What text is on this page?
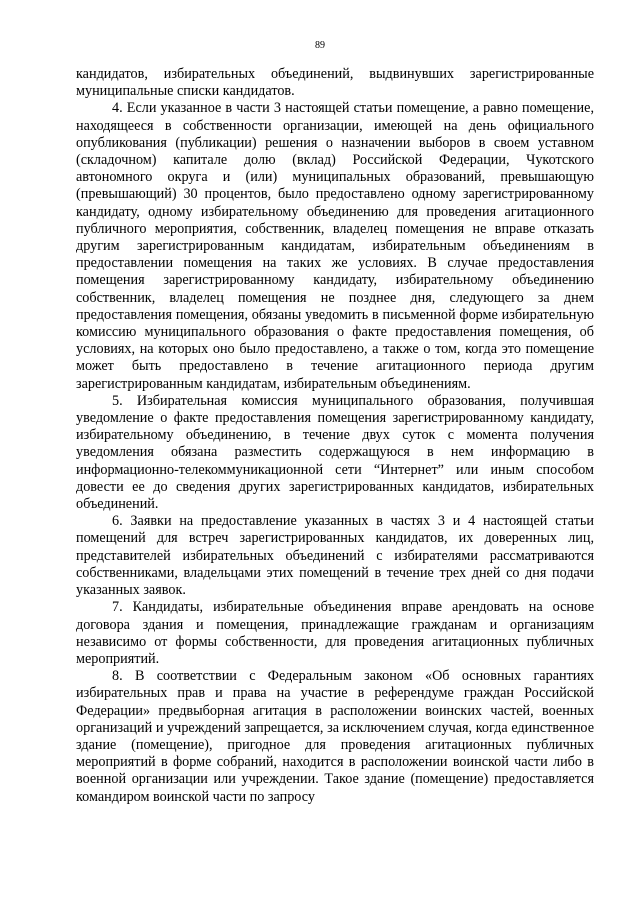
89

кандидатов, избирательных объединений, выдвинувших зарегистрированные муниципальные списки кандидатов.

4. Если указанное в части 3 настоящей статьи помещение, а равно помещение, находящееся в собственности организации, имеющей на день официального опубликования (публикации) решения о назначении выборов в своем уставном (складочном) капитале долю (вклад) Российской Федерации, Чукотского автономного округа и (или) муниципальных образований, превышающую (превышающий) 30 процентов, было предоставлено одному зарегистрированному кандидату, одному избирательному объединению для проведения агитационного публичного мероприятия, собственник, владелец помещения не вправе отказать другим зарегистрированным кандидатам, избирательным объединениям в предоставлении помещения на таких же условиях. В случае предоставления помещения зарегистрированному кандидату, избирательному объединению собственник, владелец помещения не позднее дня, следующего за днем предоставления помещения, обязаны уведомить в письменной форме избирательную комиссию муниципального образования о факте предоставления помещения, об условиях, на которых оно было предоставлено, а также о том, когда это помещение может быть предоставлено в течение агитационного периода другим зарегистрированным кандидатам, избирательным объединениям.

5. Избирательная комиссия муниципального образования, получившая уведомление о факте предоставления помещения зарегистрированному кандидату, избирательному объединению, в течение двух суток с момента получения уведомления обязана разместить содержащуюся в нем информацию в информационно-телекоммуникационной сети “Интернет” или иным способом довести ее до сведения других зарегистрированных кандидатов, избирательных объединений.

6. Заявки на предоставление указанных в частях 3 и 4 настоящей статьи помещений для встреч зарегистрированных кандидатов, их доверенных лиц, представителей избирательных объединений с избирателями рассматриваются собственниками, владельцами этих помещений в течение трех дней со дня подачи указанных заявок.

7. Кандидаты, избирательные объединения вправе арендовать на основе договора здания и помещения, принадлежащие гражданам и организациям независимо от формы собственности, для проведения агитационных публичных мероприятий.

8. В соответствии с Федеральным законом «Об основных гарантиях избирательных прав и права на участие в референдуме граждан Российской Федерации» предвыборная агитация в расположении воинских частей, военных организаций и учреждений запрещается, за исключением случая, когда единственное здание (помещение), пригодное для проведения агитационных публичных мероприятий в форме собраний, находится в расположении воинской части либо в военной организации или учреждении. Такое здание (помещение) предоставляется командиром воинской части по запросу
